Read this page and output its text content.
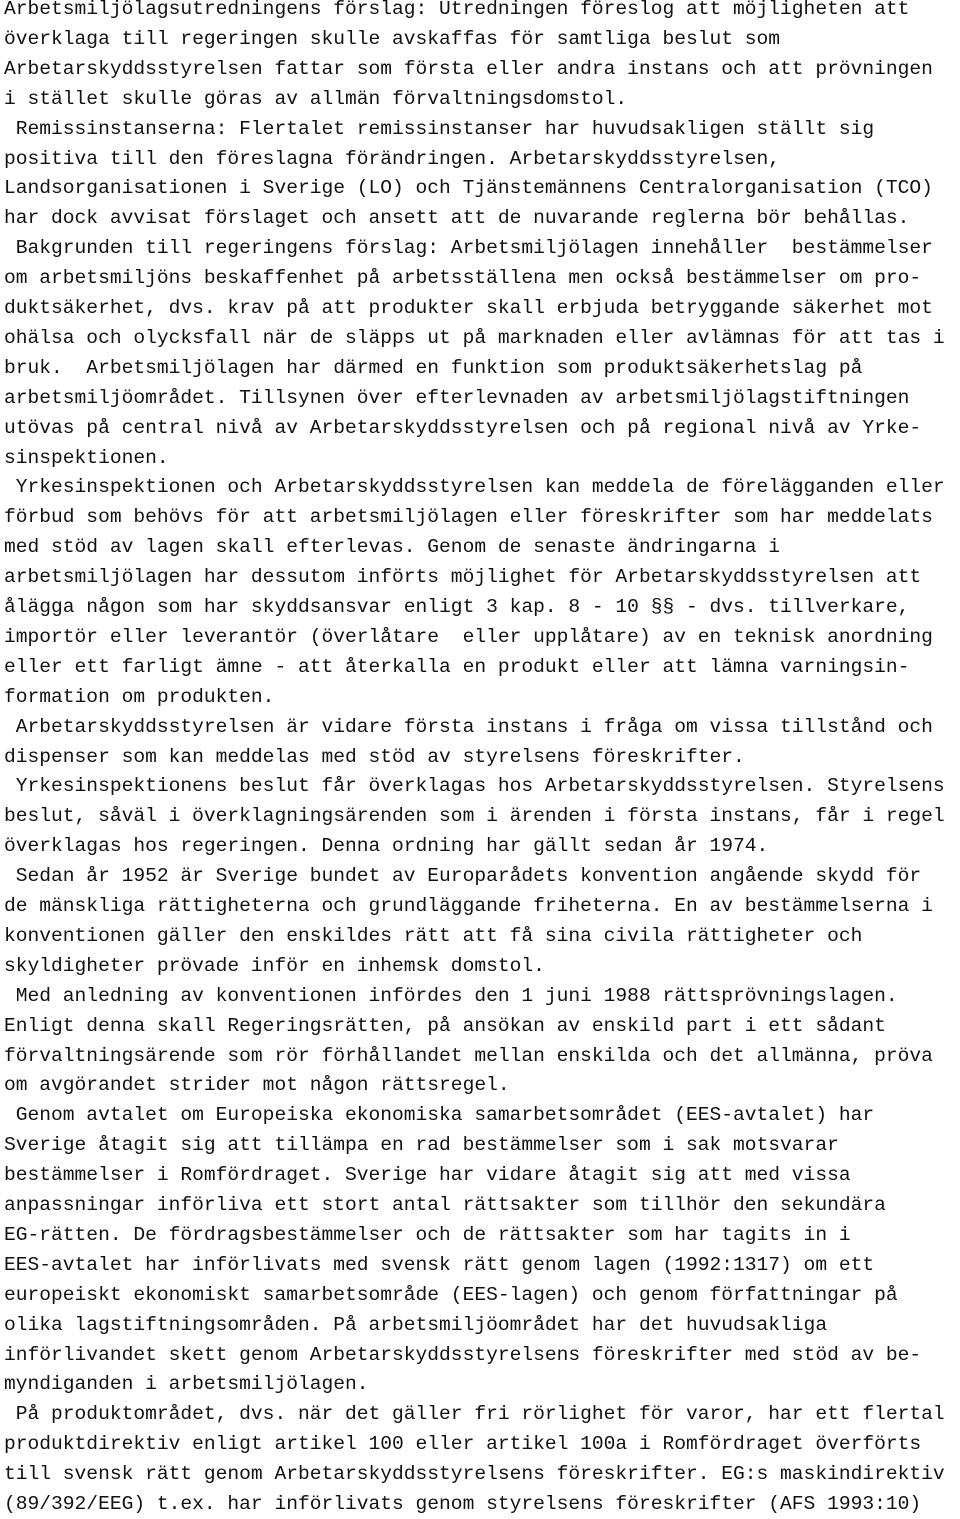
Arbetsmiljölagsutredningens förslag: Utredningen föreslog att möjligheten att

överklaga till regeringen skulle avskaffas för samtliga beslut som

Arbetarskyddsstyrelsen fattar som första eller andra instans och att prövningen

i stället skulle göras av allmän förvaltningsdomstol.

Remissinstanserna: Flertalet remissinstanser har huvudsakligen ställt sig

positiva till den föreslagna förändringen. Arbetarskyddsstyrelsen,

Landsorganisationen i Sverige (LO) och Tjänstemännens Centralorganisation (TCO)

har dock avvisat förslaget och ansett att de nuvarande reglerna bör behållas.

Bakgrunden till regeringens förslag: Arbetsmiljölagen innehåller  bestämmelser

om arbetsmiljöns beskaffenhet på arbetsställena men också bestämmelser om pro-

duktsäkerhet, dvs. krav på att produkter skall erbjuda betryggande säkerhet mot

ohälsa och olycksfall när de släpps ut på marknaden eller avlämnas för att tas i

bruk.  Arbetsmiljölagen har därmed en funktion som produktsäkerhetslag på

arbetsmiljöområdet. Tillsynen över efterlevnaden av arbetsmiljölagstiftningen

utövas på central nivå av Arbetarskyddsstyrelsen och på regional nivå av Yrke-

sinspektionen.

Yrkesinspektionen och Arbetarskyddsstyrelsen kan meddela de förelägganden eller

förbud som behövs för att arbetsmiljölagen eller föreskrifter som har meddelats

med stöd av lagen skall efterlevas. Genom de senaste ändringarna i

arbetsmiljölagen har dessutom införts möjlighet för Arbetarskyddsstyrelsen att

ålägga någon som har skyddsansvar enligt 3 kap. 8 - 10 §§ - dvs. tillverkare,

importör eller leverantör (överlåtare  eller upplåtare) av en teknisk anordning

eller ett farligt ämne - att återkalla en produkt eller att lämna varningsin-

formation om produkten.

Arbetarskyddsstyrelsen är vidare första instans i fråga om vissa tillstånd och

dispenser som kan meddelas med stöd av styrelsens föreskrifter.

Yrkesinspektionens beslut får överklagas hos Arbetarskyddsstyrelsen. Styrelsens

beslut, såväl i överklagningsärenden som i ärenden i första instans, får i regel

överklagas hos regeringen. Denna ordning har gällt sedan år 1974.

Sedan år 1952 är Sverige bundet av Europarådets konvention angående skydd för

de mänskliga rättigheterna och grundläggande friheterna. En av bestämmelserna i

konventionen gäller den enskildes rätt att få sina civila rättigheter och

skyldigheter prövade inför en inhemsk domstol.

Med anledning av konventionen infördes den 1 juni 1988 rättsprövningslagen.

Enligt denna skall Regeringsrätten, på ansökan av enskild part i ett sådant

förvaltningsärende som rör förhållandet mellan enskilda och det allmänna, pröva

om avgörandet strider mot någon rättsregel.

Genom avtalet om Europeiska ekonomiska samarbetsområdet (EES-avtalet) har

Sverige åtagit sig att tillämpa en rad bestämmelser som i sak motsvarar

bestämmelser i Romfördraget. Sverige har vidare åtagit sig att med vissa

anpassningar införliva ett stort antal rättsakter som tillhör den sekundära

EG-rätten. De fördragsbestämmelser och de rättsakter som har tagits in i

EES-avtalet har införlivats med svensk rätt genom lagen (1992:1317) om ett

europeiskt ekonomiskt samarbetsområde (EES-lagen) och genom författningar på

olika lagstiftningsområden. På arbetsmiljöområdet har det huvudsakliga

införlivandet skett genom Arbetarskyddsstyrelsens föreskrifter med stöd av be-

myndiganden i arbetsmiljölagen.

På produktområdet, dvs. när det gäller fri rörlighet för varor, har ett flertal

produktdirektiv enligt artikel 100 eller artikel 100a i Romfördraget överförts

till svensk rätt genom Arbetarskyddsstyrelsens föreskrifter. EG:s maskindirektiv

(89/392/EEG) t.ex. har införlivats genom styrelsens föreskrifter (AFS 1993:10)
